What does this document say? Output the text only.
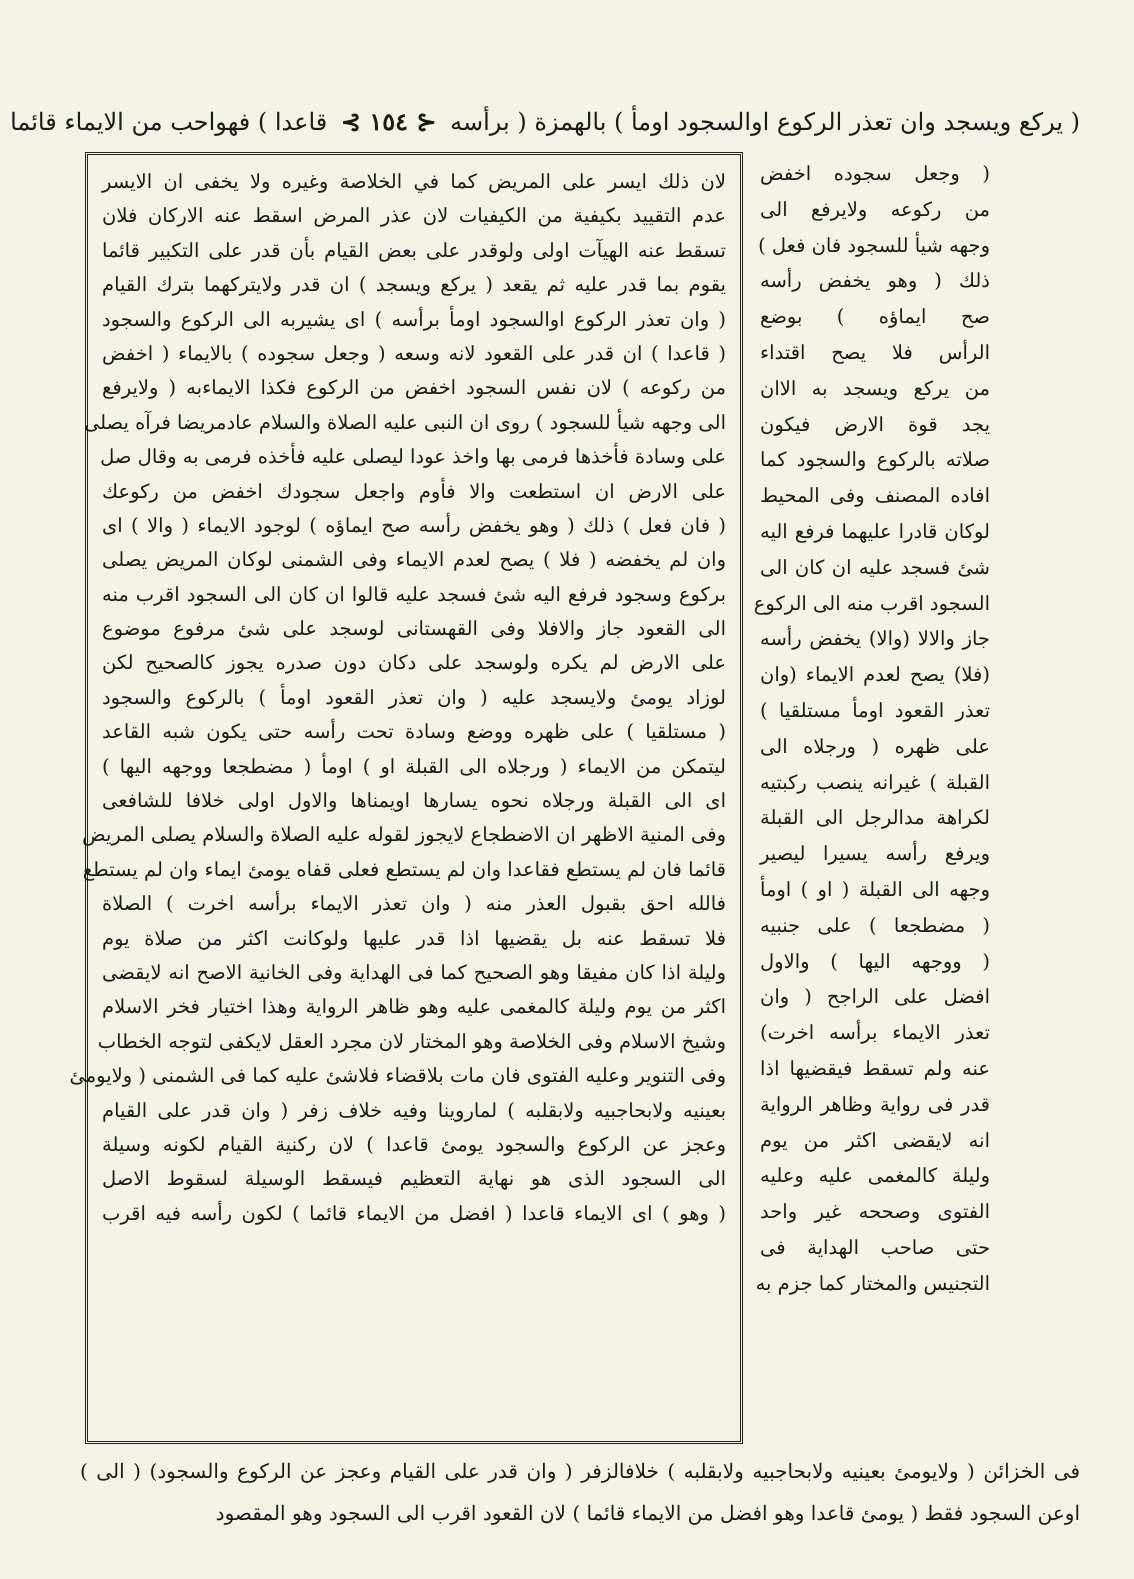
( يركع ويسجد وان تعذر الركوع اوالسجود اومأ ) بالهمزة ( برأسه ⊰ ١٥٤ ⊱ قاعدا ) فهواحب من الايماء قائما
لان ذلك ايسر على المريض كما في الخلاصة وغيره ولا يخفى ان الايسر
عدم التقييد بكيفية من الكيفيات لان عذر المرض اسقط عنه الاركان فلان
تسقط عنه الهيآت اولى ولوقدر على بعض القيام بأن قدر على التكبير قائما
يقوم بما قدر عليه ثم يقعد ( يركع ويسجد ) ان قدر ولايتركهما بترك القيام
( وان تعذر الركوع اوالسجود اومأ برأسه ) اى يشيربه الى الركوع والسجود
( قاعدا ) ان قدر على القعود لانه وسعه ( وجعل سجوده ) بالايماء ( اخفض
من ركوعه ) لان نفس السجود اخفض من الركوع فكذا الايماءبه ( ولايرفع
الى وجهه شيأ للسجود ) روى ان النبى عليه الصلاة والسلام عادمريضا فرآه يصلى
على وسادة فأخذها فرمى بها واخذ عودا ليصلى عليه فأخذه فرمى به وقال صل
على الارض ان استطعت والا فأوم واجعل سجودك اخفض من ركوعك
( فان فعل ) ذلك ( وهو يخفض رأسه صح ايماؤه ) لوجود الايماء ( والا ) اى
وان لم يخفضه ( فلا ) يصح لعدم الايماء وفى الشمنى لوكان المريض يصلى
بركوع وسجود فرفع اليه شئ فسجد عليه قالوا ان كان الى السجود اقرب منه
الى القعود جاز والافلا وفى القهستانى لوسجد على شئ مرفوع موضوع
على الارض لم يكره ولوسجد على دكان دون صدره يجوز كالصحيح لكن
لوزاد يومئ ولايسجد عليه ( وان تعذر القعود اومأ ) بالركوع والسجود
( مستلقيا ) على ظهره ووضع وسادة تحت رأسه حتى يكون شبه القاعد
ليتمكن من الايماء ( ورجلاه الى القبلة او ) اومأ ( مضطجعا ووجهه اليها )
اى الى القبلة ورجلاه نحوه يسارها اويمناها والاول اولى خلافا للشافعى
وفى المنية الاظهر ان الاضطجاع لايجوز لقوله عليه الصلاة والسلام يصلى المريض
قائما فان لم يستطع فقاعدا وان لم يستطع فعلى قفاه يومئ ايماء وان لم يستطع
فالله احق بقبول العذر منه ( وان تعذر الايماء برأسه اخرت ) الصلاة
فلا تسقط عنه بل يقضيها اذا قدر عليها ولوكانت اكثر من صلاة يوم
وليلة اذا كان مفيقا وهو الصحيح كما فى الهداية وفى الخانية الاصح انه لايقضى
اكثر من يوم وليلة كالمغمى عليه وهو ظاهر الرواية وهذا اختيار فخر الاسلام
وشيخ الاسلام وفى الخلاصة وهو المختار لان مجرد العقل لايكفى لتوجه الخطاب
وفى التنوير وعليه الفتوى فان مات بلاقضاء فلاشئ عليه كما فى الشمنى ( ولايومئ
بعينيه ولابحاجبيه ولابقلبه ) لماروينا وفيه خلاف زفر ( وان قدر على القيام
وعجز عن الركوع والسجود يومئ قاعدا ) لان ركنية القيام لكونه وسيلة
الى السجود الذى هو نهاية التعظيم فيسقط الوسيلة لسقوط الاصل
( وهو ) اى الايماء قاعدا ( افضل من الايماء قائما ) لكون رأسه فيه اقرب
( وجعل سجوده اخفض
من ركوعه ولايرفع الى
وجهه شيأ للسجود فان فعل )
ذلك ( وهو يخفض رأسه
صح ايماؤه ) بوضع
الرأس فلا يصح اقتداء
من يركع ويسجد به الاان
يجد قوة الارض فيكون
صلاته بالركوع والسجود كما
افاده المصنف وفى المحيط
لوكان قادرا عليهما فرفع اليه
شئ فسجد عليه ان كان الى
السجود اقرب منه الى الركوع
جاز والالا (والا) يخفض رأسه
(فلا) يصح لعدم الايماء (وان
تعذر القعود اومأ مستلقيا )
على ظهره ( ورجلاه الى
القبلة ) غيرانه ينصب ركبتيه
لكراهة مدالرجل الى القبلة
ويرفع رأسه يسيرا ليصير
وجهه الى القبلة ( او ) اومأ
( مضطجعا ) على جنبيه
( ووجهه اليها ) والاول
افضل على الراجح ( وان
تعذر الايماء برأسه اخرت)
عنه ولم تسقط فيقضيها اذا
قدر فى رواية وظاهر الرواية
انه لايقضى اكثر من يوم
وليلة كالمغمى عليه وعليه
الفتوى وصححه غير واحد
حتى صاحب الهداية فى
التجنيس والمختار كما جزم به
فى الخزائن ( ولايومئ بعينيه ولابحاجبيه ولابقلبه ) خلافالزفر ( وان قدر على القيام وعجز عن الركوع والسجود) ( الى )
اوعن السجود فقط ( يومئ قاعدا وهو افضل من الايماء قائما ) لان القعود اقرب الى السجود وهو المقصود
